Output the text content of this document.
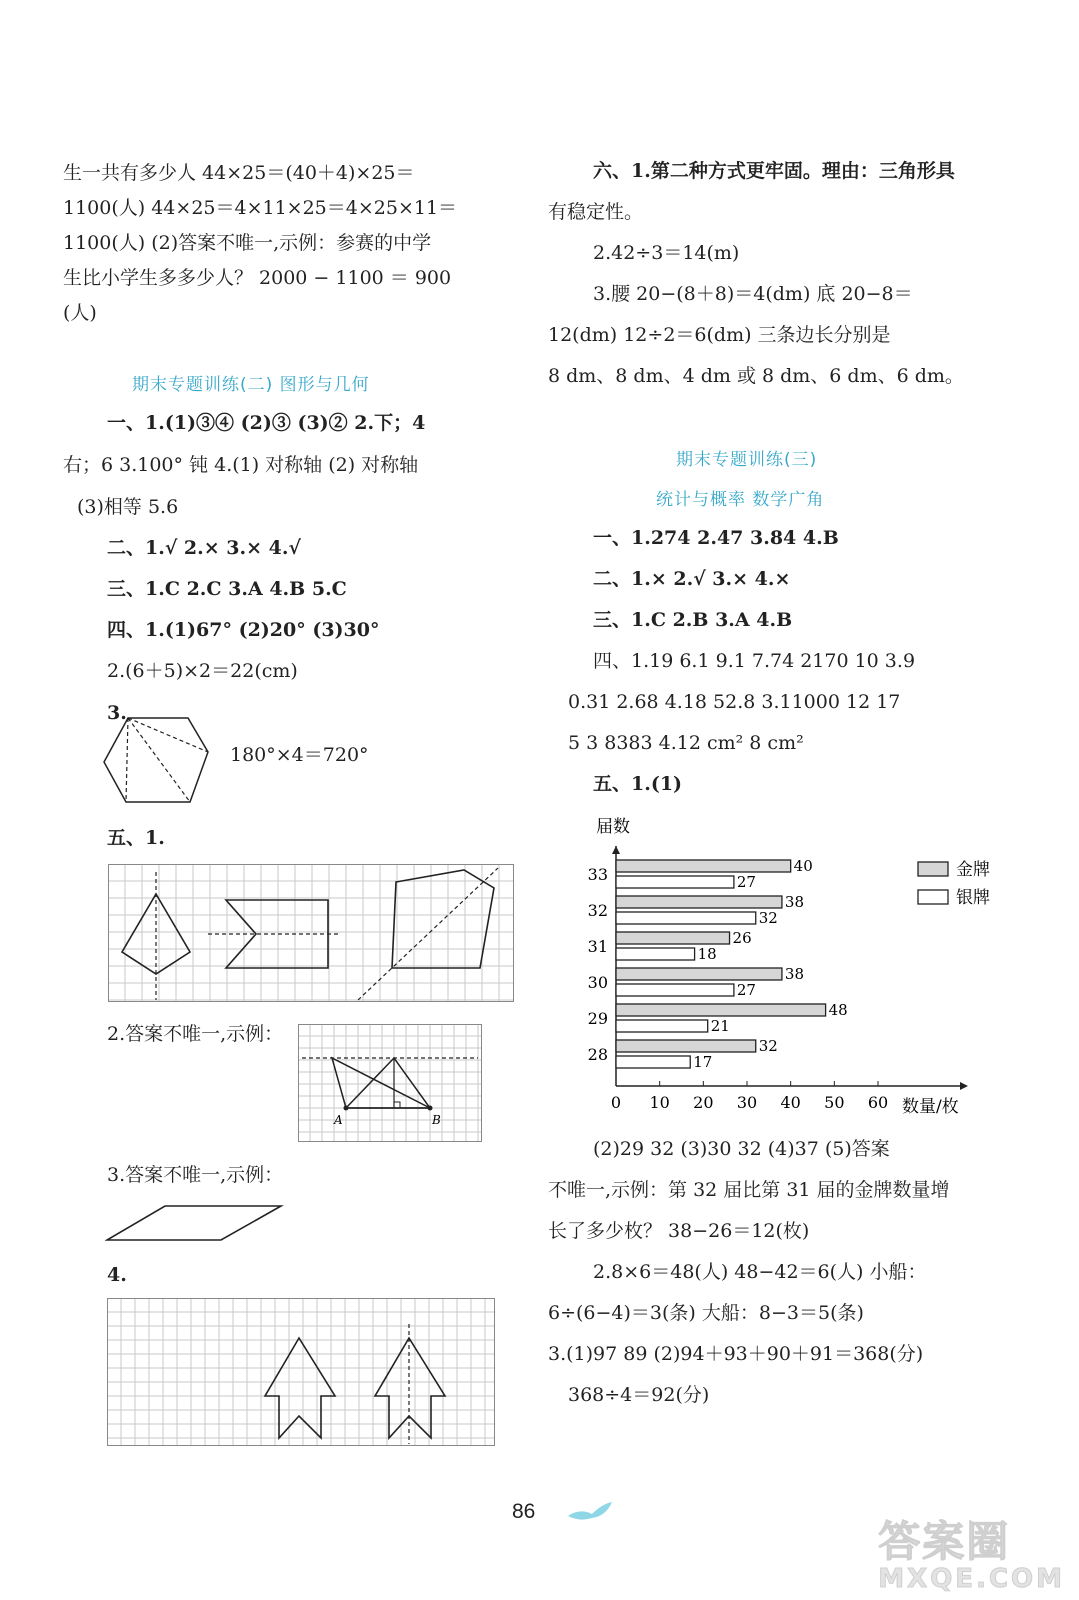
生一共有多少人 44×25＝(40＋4)×25＝
1100(人) 44×25＝4×11×25＝4×25×11＝
1100(人) (2)答案不唯一,示例：参赛的中学
生比小学生多多少人？ 2000 − 1100 ＝ 900
(人)
期末专题训练(二) 图形与几何
一、1.(1)③④ (2)③ (3)② 2.下；4
右；6 3.100° 钝 4.(1) 对称轴 (2) 对称轴
(3)相等 5.6
二、1.√ 2.× 3.× 4.√
三、1.C 2.C 3.A 4.B 5.C
四、1.(1)67° (2)20° (3)30°
2.(6＋5)×2＝22(cm)
3.
180°×4＝720°
五、1.
2.答案不唯一,示例：
A	B
3.答案不唯一,示例：
4.
六、1.第二种方式更牢固。理由：三角形具
有稳定性。
2.42÷3＝14(m)
3.腰 20−(8＋8)＝4(dm) 底 20−8＝
12(dm) 12÷2＝6(dm) 三条边长分别是
8 dm、8 dm、4 dm 或 8 dm、6 dm、6 dm。
期末专题训练(三)
统计与概率 数学广角
一、1.274 2.47 3.84 4.B
二、1.× 2.√ 3.× 4.×
三、1.C 2.B 3.A 4.B
四、1.19 6.1 9.1 7.74 2170 10 3.9
0.31 2.68 4.18 52.8 3.11000 12 17
5 3 8383 4.12 cm² 8 cm²
五、1.(1)
届数
数量/枚
0 10 20 30 40 50 60
33	40
27
32	38
32
31	26
18
30	38
27
29	48
21
28	32
17
金牌
银牌
(2)29 32 (3)30 32 (4)37 (5)答案
不唯一,示例：第 32 届比第 31 届的金牌数量增
长了多少枚？ 38−26＝12(枚)
2.8×6＝48(人) 48−42＝6(人) 小船：
6÷(6−4)＝3(条) 大船：8−3＝5(条)
3.(1)97 89 (2)94＋93＋90＋91＝368(分)
368÷4＝92(分)
86
答案圈
MXQE.COM
